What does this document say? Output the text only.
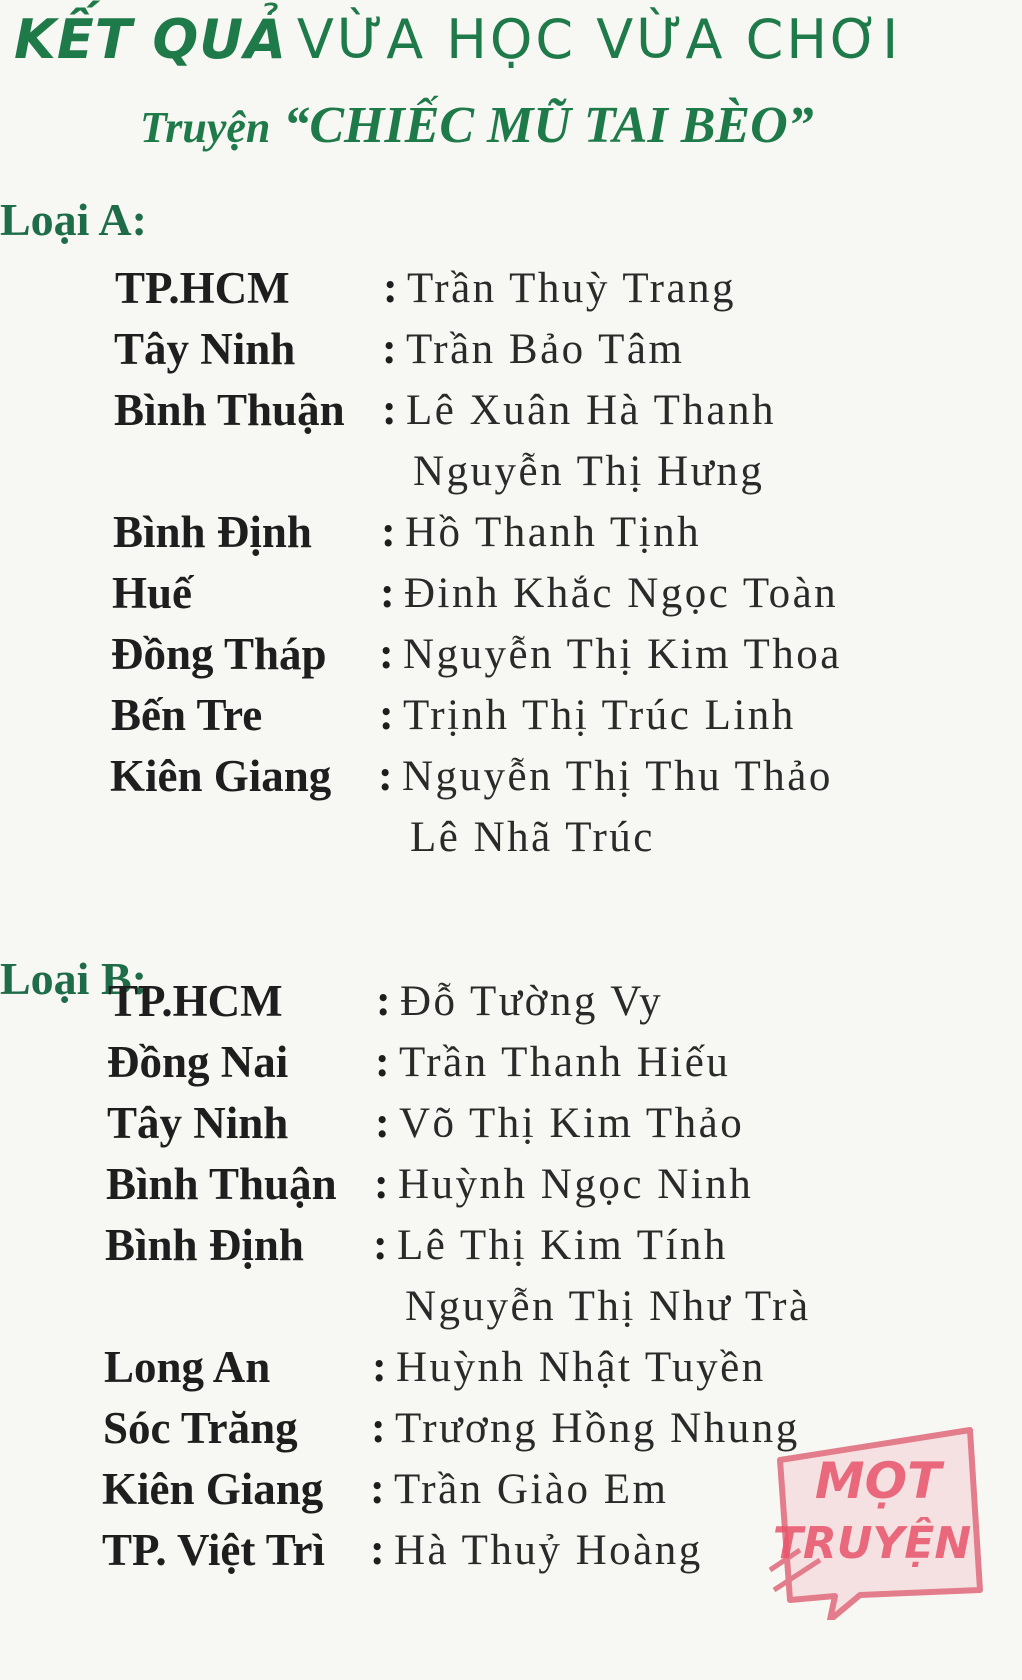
KẾT QUẢ VỪA HỌC VỪA CHƠI
Truyện “CHIẾC MŨ TAI BÈO”
Loại A:
TP.HCM : Trần Thuỳ Trang
Tây Ninh : Trần Bảo Tâm
Bình Thuận : Lê Xuân Hà Thanh
Nguyễn Thị Hưng
Bình Định : Hồ Thanh Tịnh
Huế	: Đinh Khắc Ngọc Toàn
Đồng Tháp : Nguyễn Thị Kim Thoa
Bến Tre	: Trịnh Thị Trúc Linh
Kiên Giang : Nguyễn Thị Thu Thảo
Lê Nhã Trúc
Loại B:
TP.HCM : Đỗ Tường Vy
Đồng Nai : Trần Thanh Hiếu
Tây Ninh : Võ Thị Kim Thảo
Bình Thuận : Huỳnh Ngọc Ninh
Bình Định : Lê Thị Kim Tính
Nguyễn Thị Như Trà
Long An : Huỳnh Nhật Tuyền
Sóc Trăng : Trương Hồng Nhung
Kiên Giang : Trần Giào Em
TP. Việt Trì : Hà Thuỷ Hoàng
MỌT
TRUYỆN
